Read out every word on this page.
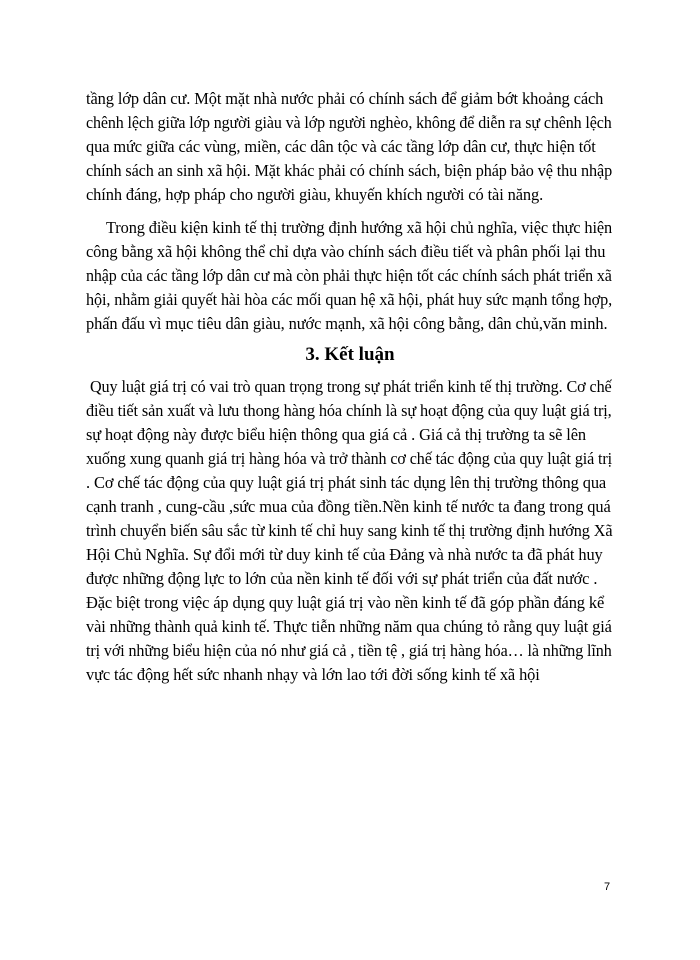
tầng lớp dân cư. Một mặt nhà nước phải có chính sách để giảm bớt khoảng cách
chênh lệch giữa lớp người giàu và lớp người nghèo, không để diễn ra sự chênh lệch
qua mức giữa các vùng, miền, các dân tộc và các tầng lớp dân cư, thực hiện tốt
chính sách an sinh xã hội. Mặt khác phải có chính sách, biện pháp bảo vệ thu nhập
chính đáng, hợp pháp cho người giàu, khuyến khích người có tài năng.
Trong điều kiện kinh tế thị trường định hướng xã hội chủ nghĩa, việc thực hiện
công bằng xã hội không thể chỉ dựa vào chính sách điều tiết và phân phối lại thu
nhập của các tầng lớp dân cư mà còn phải thực hiện tốt các chính sách phát triển xã
hội, nhằm giải quyết hài hòa các mối quan hệ xã hội, phát huy sức mạnh tổng hợp,
phấn đấu vì mục tiêu dân giàu, nước mạnh, xã hội công bằng, dân chủ,văn minh.
3. Kết luận
Quy luật giá trị có vai trò quan trọng trong sự phát triển kinh tế thị trường. Cơ chế
điều tiết sản xuất và lưu thong hàng hóa chính là sự hoạt động của quy luật giá trị,
sự hoạt động này được biểu hiện thông qua giá cả . Giá cả thị trường ta sẽ lên
xuống xung quanh giá trị hàng hóa và trở thành cơ chế tác động của quy luật giá trị
. Cơ chế tác động của quy luật giá trị phát sinh tác dụng lên thị trường thông qua
cạnh tranh , cung-cầu ,sức mua của đồng tiền.Nền kinh tế nước ta đang trong quá
trình chuyển biến sâu sắc từ kinh tế chỉ huy sang kinh tế thị trường định hướng Xã
Hội Chủ Nghĩa. Sự đổi mới từ duy kinh tế của Đảng và nhà nước ta đã phát huy
được những động lực to lớn của nền kinh tế đối với sự phát triển của đất nước .
Đặc biệt trong việc áp dụng quy luật giá trị vào nền kinh tế đã góp phần đáng kể
vài những thành quả kinh tế. Thực tiễn những năm qua chúng tỏ rằng quy luật giá
trị với những biểu hiện của nó như giá cả , tiền tệ , giá trị hàng hóa… là những lĩnh
vực tác động hết sức nhanh nhạy và lớn lao tới đời sống kinh tế xã hội
7
